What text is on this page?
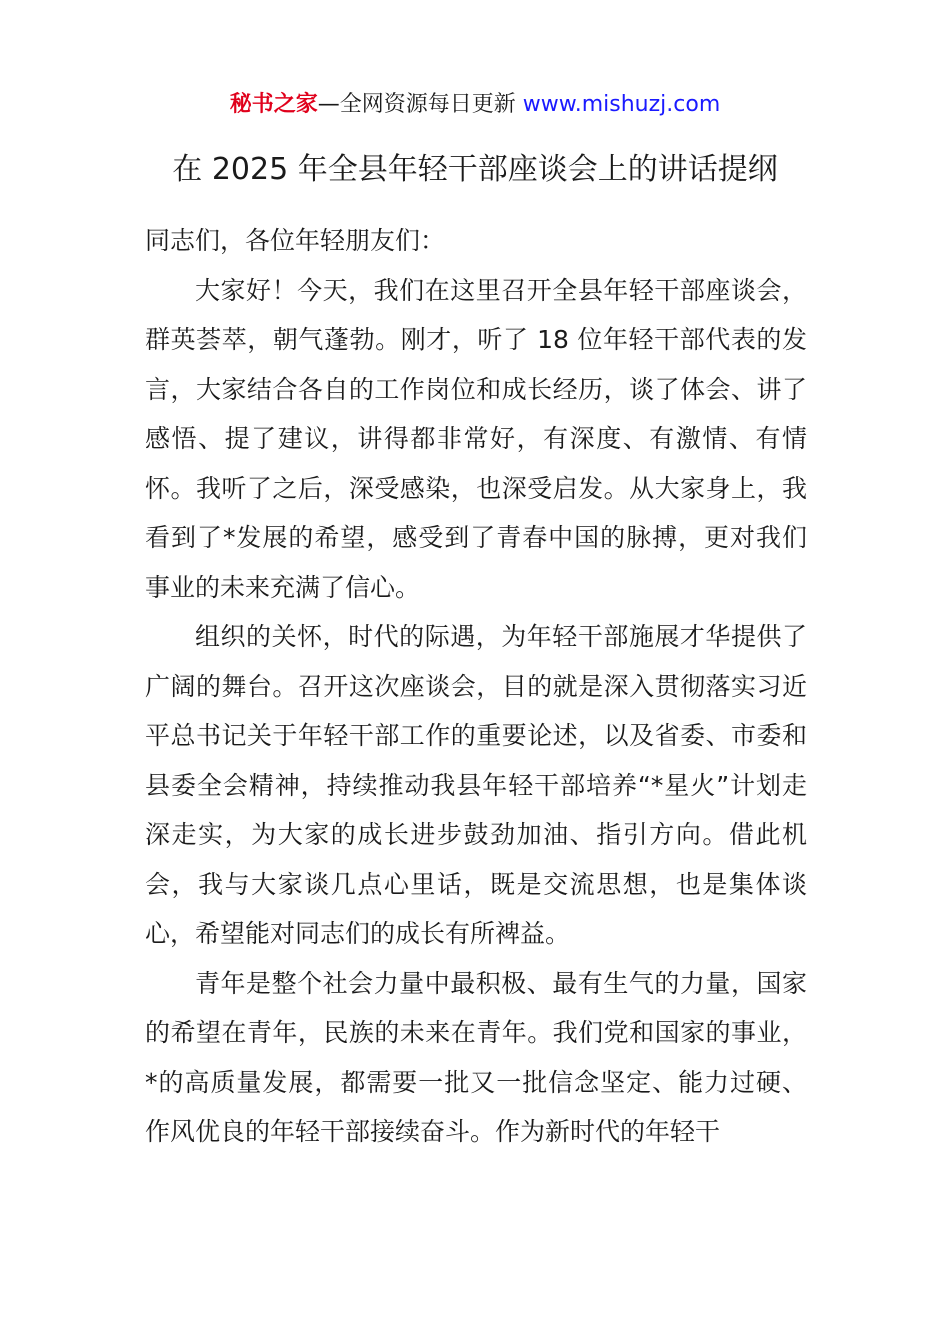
秘书之家—全网资源每日更新 www.mishuzj.com
在 2025 年全县年轻干部座谈会上的讲话提纲

同志们，各位年轻朋友们：

大家好！今天，我们在这里召开全县年轻干部座谈会，群英荟萃，朝气蓬勃。刚才，听了 18 位年轻干部代表的发言，大家结合各自的工作岗位和成长经历，谈了体会、讲了感悟、提了建议，讲得都非常好，有深度、有激情、有情怀。我听了之后，深受感染，也深受启发。从大家身上，我看到了*发展的希望，感受到了青春中国的脉搏，更对我们事业的未来充满了信心。

组织的关怀，时代的际遇，为年轻干部施展才华提供了广阔的舞台。召开这次座谈会，目的就是深入贯彻落实习近平总书记关于年轻干部工作的重要论述，以及省委、市委和县委全会精神，持续推动我县年轻干部培养“*星火”计划走深走实，为大家的成长进步鼓劲加油、指引方向。借此机会，我与大家谈几点心里话，既是交流思想，也是集体谈心，希望能对同志们的成长有所裨益。

青年是整个社会力量中最积极、最有生气的力量，国家的希望在青年，民族的未来在青年。我们党和国家的事业，*的高质量发展，都需要一批又一批信念坚定、能力过硬、作风优良的年轻干部接续奋斗。作为新时代的年轻干
